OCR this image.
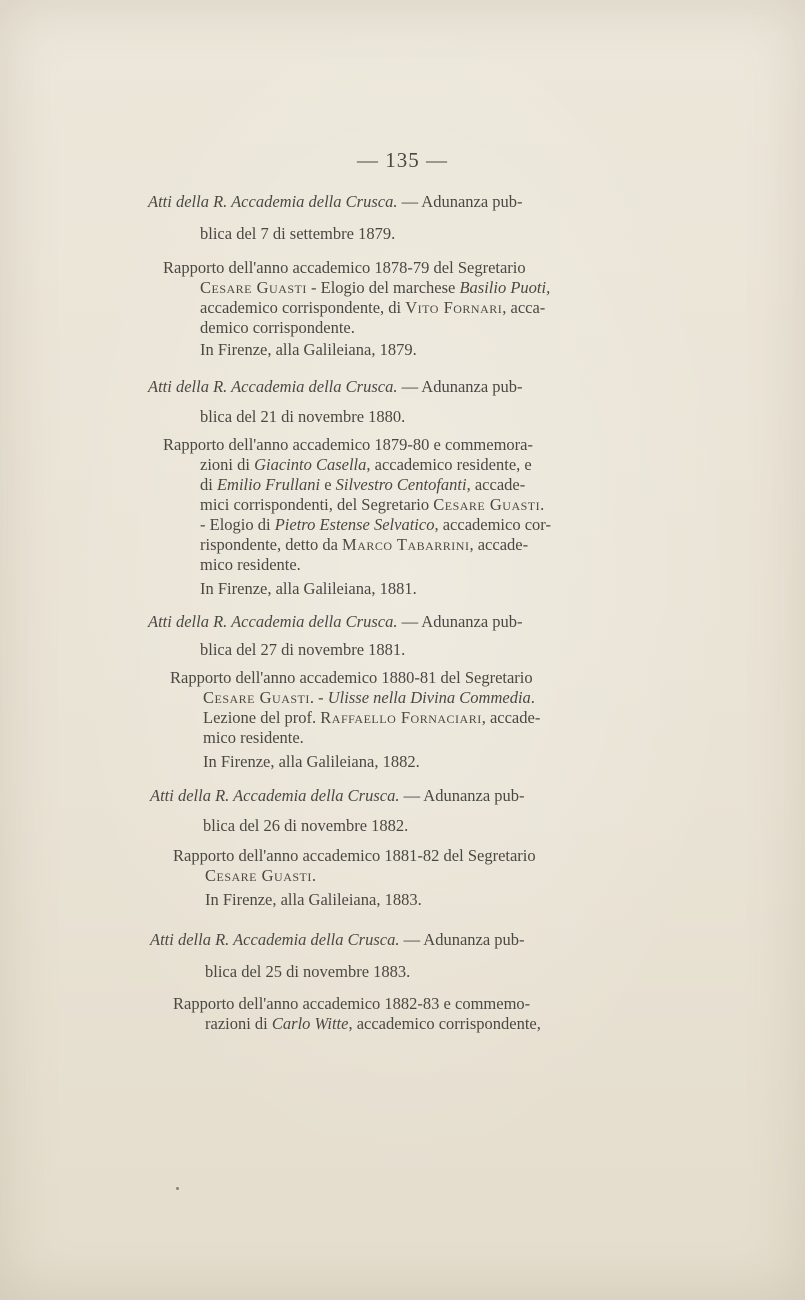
— 135 —
Atti della R. Accademia della Crusca. — Adunanza pub-
blica del 7 di settembre 1879.
Rapporto dell'anno accademico 1878-79 del Segretario
Cesare Guasti - Elogio del marchese Basilio Puoti,
accademico corrispondente, di Vito Fornari, acca-
demico corrispondente.
In Firenze, alla Galileiana, 1879.
Atti della R. Accademia della Crusca. — Adunanza pub-
blica del 21 di novembre 1880.
Rapporto dell'anno accademico 1879-80 e commemora-
zioni di Giacinto Casella, accademico residente, e
di Emilio Frullani e Silvestro Centofanti, accade-
mici corrispondenti, del Segretario Cesare Guasti.
- Elogio di Pietro Estense Selvatico, accademico cor-
rispondente, detto da Marco Tabarrini, accade-
mico residente.
In Firenze, alla Galileiana, 1881.
Atti della R. Accademia della Crusca. — Adunanza pub-
blica del 27 di novembre 1881.
Rapporto dell'anno accademico 1880-81 del Segretario
Cesare Guasti. - Ulisse nella Divina Commedia.
Lezione del prof. Raffaello Fornaciari, accade-
mico residente.
In Firenze, alla Galileiana, 1882.
Atti della R. Accademia della Crusca. — Adunanza pub-
blica del 26 di novembre 1882.
Rapporto dell'anno accademico 1881-82 del Segretario
Cesare Guasti.
In Firenze, alla Galileiana, 1883.
Atti della R. Accademia della Crusca. — Adunanza pub-
blica del 25 di novembre 1883.
Rapporto dell'anno accademico 1882-83 e commemo-
razioni di Carlo Witte, accademico corrispondente,
